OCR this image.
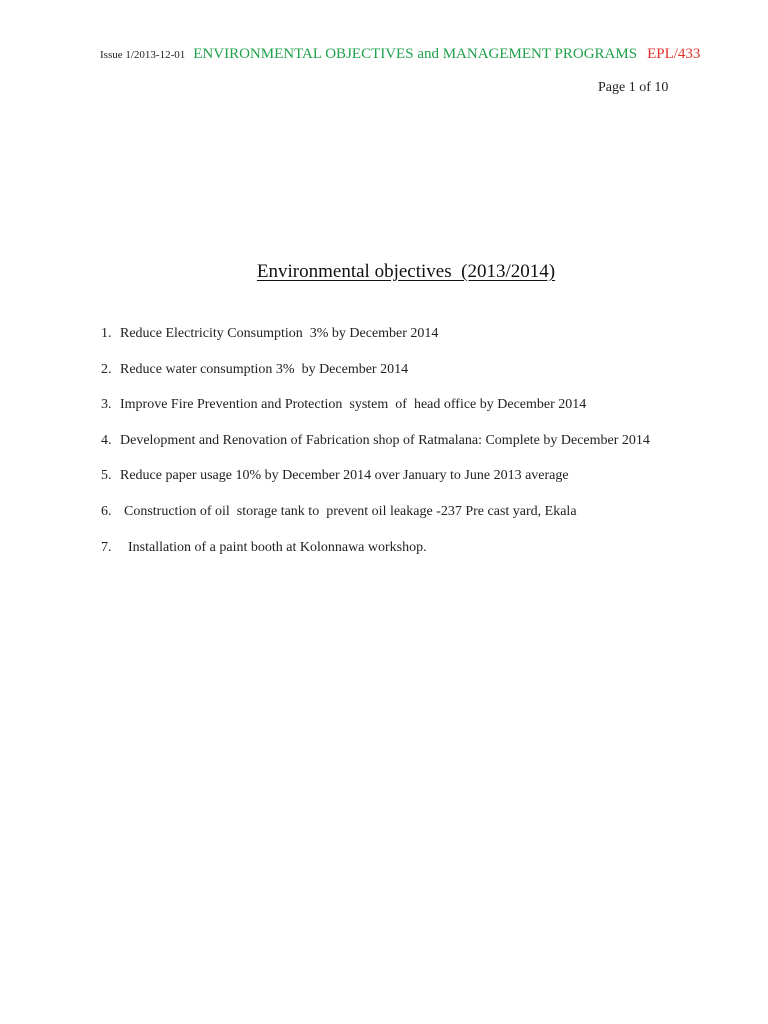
Issue 1/2013-12-01 ENVIRONMENTAL OBJECTIVES and MANAGEMENT PROGRAMS EPL/433
Page 1 of 10
Environmental objectives  (2013/2014)
1. Reduce Electricity Consumption  3% by December 2014
2. Reduce water consumption 3%  by December 2014
3. Improve Fire Prevention and Protection  system  of  head office by December 2014
4. Development and Renovation of Fabrication shop of Ratmalana: Complete by December 2014
5. Reduce paper usage 10% by December 2014 over January to June 2013 average
6. Construction of oil  storage tank to  prevent oil leakage -237 Pre cast yard, Ekala
7.	Installation of a paint booth at Kolonnawa workshop.
